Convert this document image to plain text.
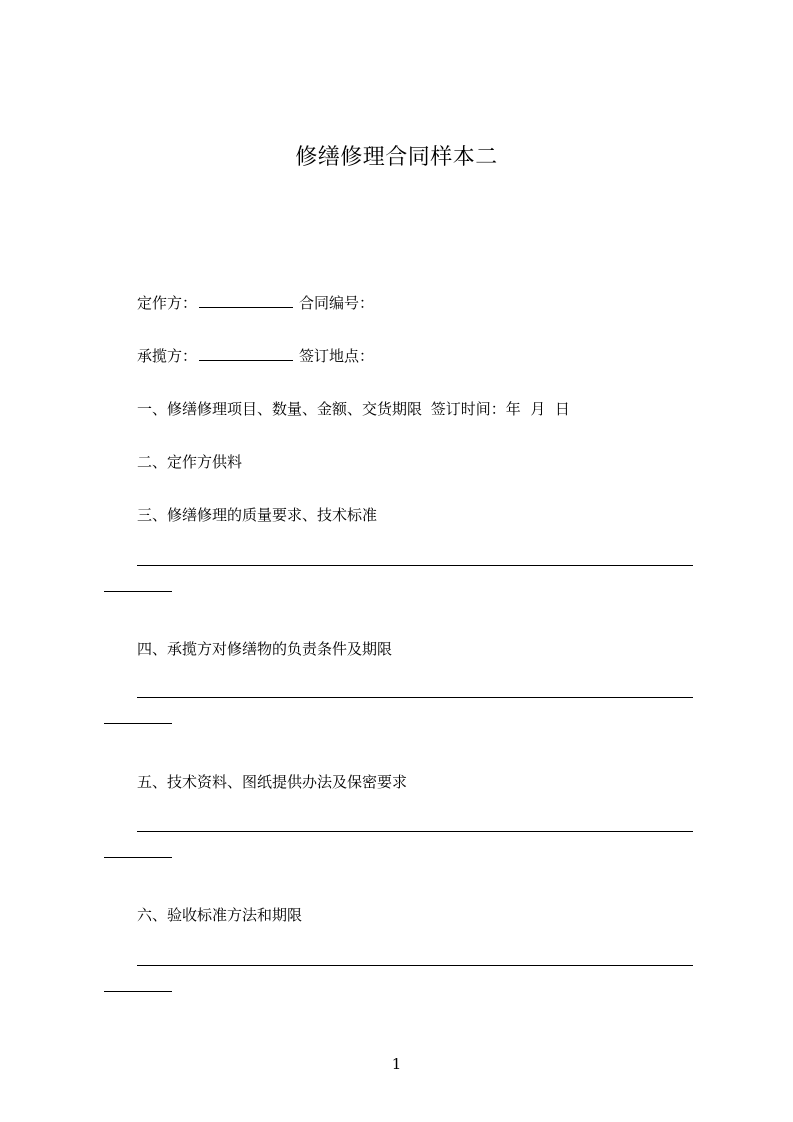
修缮修理合同样本二
定作方：	合同编号：
承揽方：	签订地点：
一、修缮修理项目、数量、金额、交货期限 签订时间：年  月  日
二、定作方供料
三、修缮修理的质量要求、技术标准
四、承揽方对修缮物的负责条件及期限
五、技术资料、图纸提供办法及保密要求
六、验收标准方法和期限
1
